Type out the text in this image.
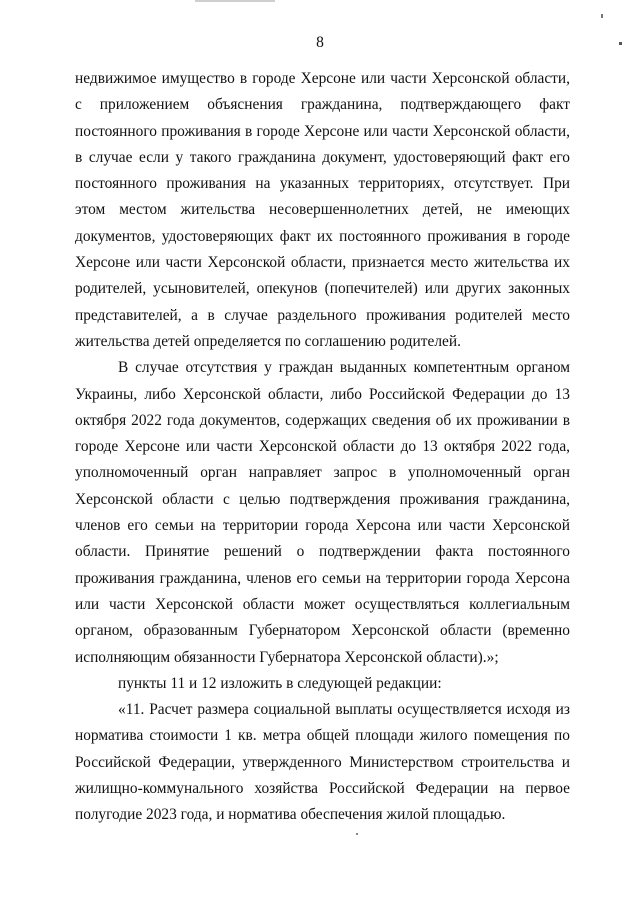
8

недвижимое имущество в городе Херсоне или части Херсонской области, с приложением объяснения гражданина, подтверждающего факт постоянного проживания в городе Херсоне или части Херсонской области, в случае если у такого гражданина документ, удостоверяющий факт его постоянного проживания на указанных территориях, отсутствует. При этом местом жительства несовершеннолетних детей, не имеющих документов, удостоверяющих факт их постоянного проживания в городе Херсоне или части Херсонской области, признается место жительства их родителей, усыновителей, опекунов (попечителей) или других законных представителей, а в случае раздельного проживания родителей место жительства детей определяется по соглашению родителей.

В случае отсутствия у граждан выданных компетентным органом Украины, либо Херсонской области, либо Российской Федерации до 13 октября 2022 года документов, содержащих сведения об их проживании в городе Херсоне или части Херсонской области до 13 октября 2022 года, уполномоченный орган направляет запрос в уполномоченный орган Херсонской области с целью подтверждения проживания гражданина, членов его семьи на территории города Херсона или части Херсонской области. Принятие решений о подтверждении факта постоянного проживания гражданина, членов его семьи на территории города Херсона или части Херсонской области может осуществляться коллегиальным органом, образованным Губернатором Херсонской области (временно исполняющим обязанности Губернатора Херсонской области).»;

пункты 11 и 12 изложить в следующей редакции:

«11. Расчет размера социальной выплаты осуществляется исходя из норматива стоимости 1 кв. метра общей площади жилого помещения по Российской Федерации, утвержденного Министерством строительства и жилищно-коммунального хозяйства Российской Федерации на первое полугодие 2023 года, и норматива обеспечения жилой площадью.
